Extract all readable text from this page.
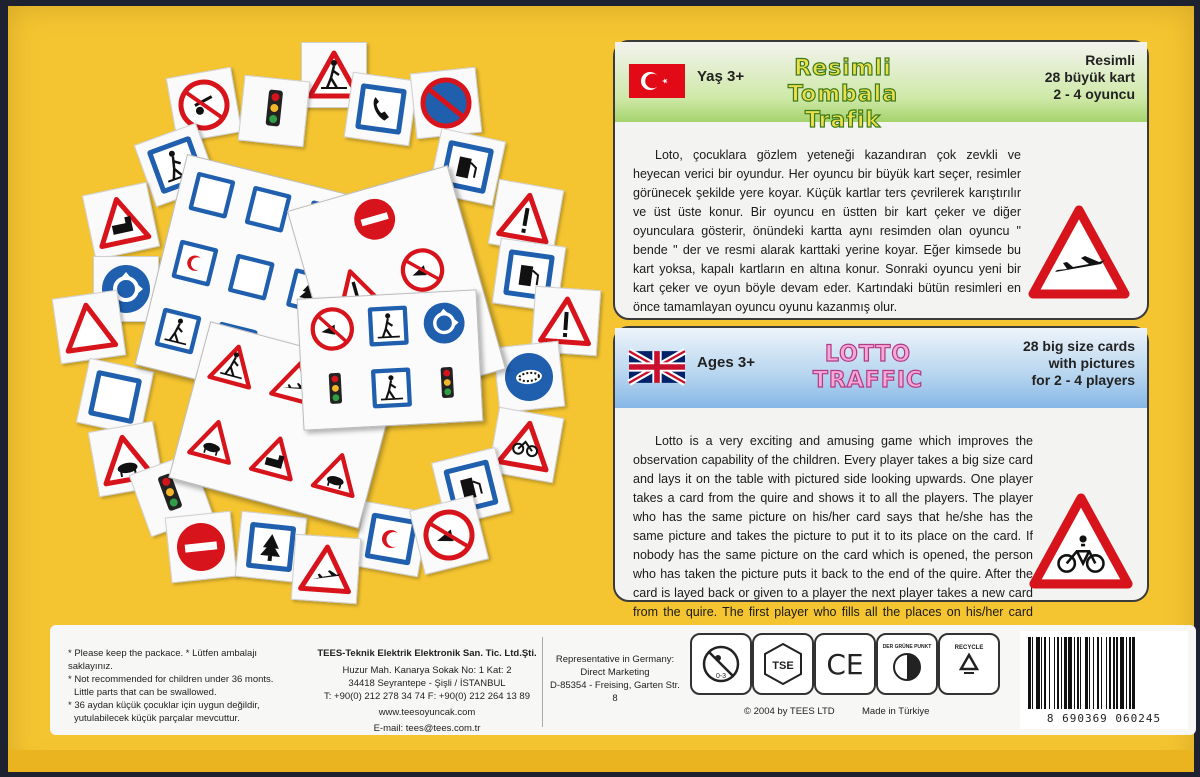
Yaş 3+	Resimli Tombala
Trafik
Resimli
28 büyük kart
2 - 4 oyuncu
Loto, çocuklara gözlem yeteneği kazandıran çok zevkli ve heyecan verici bir oyundur. Her oyuncu bir büyük kart seçer, resimler görünecek şekilde yere koyar. Küçük kartlar ters çevrilerek karıştırılır ve üst üste konur. Bir oyuncu en üstten bir kart çeker ve diğer oyunculara gösterir, önündeki kartta aynı resimden olan oyuncu " bende " der ve resmi alarak karttaki yerine koyar. Eğer kimsede bu kart yoksa, kapalı kartların en altına konur. Sonraki oyuncu yeni bir kart çeker ve oyun böyle devam eder. Kartındaki bütün resimleri en önce tamamlayan oyuncu oyunu kazanmış olur.
Ages 3+	LOTTO
TRAFFIC
28 big size cards
with pictures
for 2 - 4 players
Lotto is a very exciting and amusing game which improves the observation capability of the children. Every player takes a big size card and lays it on the table with pictured side looking upwards. One player takes a card from the quire and shows it to all the players. The player who has the same picture on his/her card says that he/she has the same picture and takes the picture to put it to its place on the card. If nobody has the same picture on the card which is opened, the person who has taken the picture puts it back to the end of the quire. After the card is layed back or given to a player the next player takes a new card from the quire. The first player who fills all the places on his/her card
* Please keep the packace. * Lütfen ambalajı saklayınız.
* Not recommended for children under 36 monts.
Little parts that can be swallowed.
* 36 aydan küçük çocuklar için uygun değildir,
yutulabilecek küçük parçalar mevcuttur.
TEES-Teknik Elektrik Elektronik San. Tic. Ltd.Şti.
Huzur Mah. Kanarya Sokak No: 1 Kat: 2
34418 Seyrantepe - Şişli / İSTANBUL
T: +90(0) 212 278 34 74 F: +90(0) 212 264 13 89
www.teesoyuncak.com
E-mail: tees@tees.com.tr
Representative in Germany:
Direct Marketing
D-85354 - Freising, Garten Str. 8
0-3
TSE CE
DER GRÜNE PUNKT	RECYCLE
© 2004 by TEES LTD	Made in Türkiye
8 690369 060245
